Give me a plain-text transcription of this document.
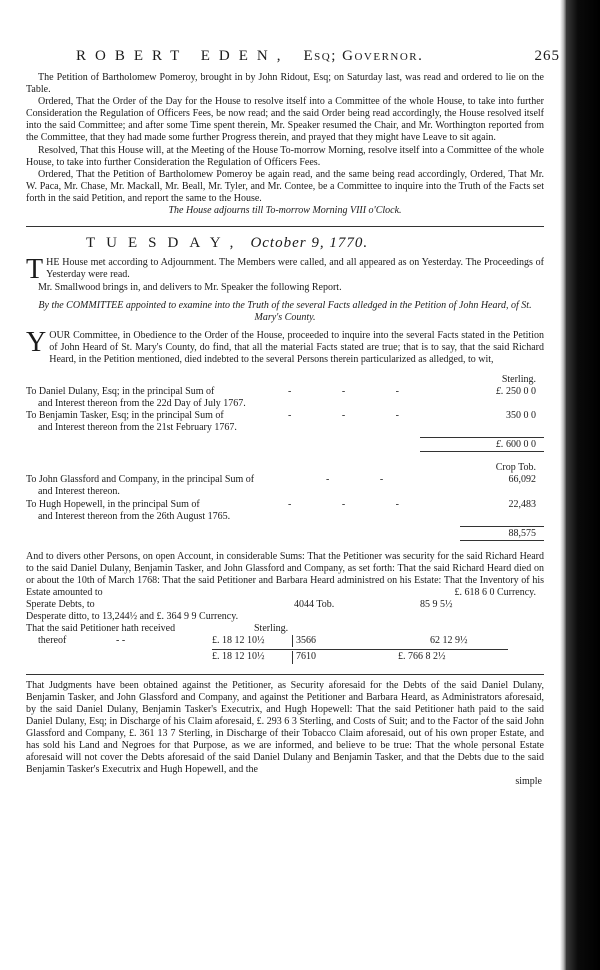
ROBERT EDEN, Esq; Governor.	265

The Petition of Bartholomew Pomeroy, brought in by John Ridout, Esq; on Saturday last, was read and ordered to lie on the Table.

Ordered, That the Order of the Day for the House to resolve itself into a Committee of the whole House, to take into further Consideration the Regulation of Officers Fees, be now read; and the said Order being read accordingly, the House resolved itself into the said Committee; and after some Time spent therein, Mr. Speaker resumed the Chair, and Mr. Worthington reported from the Committee, that they had made some further Progress therein, and prayed that they might have Leave to sit again.

Resolved, That this House will, at the Meeting of the House To-morrow Morning, resolve itself into a Committee of the whole House, to take into further Consideration the Regulation of Officers Fees.

Ordered, That the Petition of Bartholomew Pomeroy be again read, and the same being read accordingly, Ordered, That Mr. W. Paca, Mr. Chase, Mr. Mackall, Mr. Beall, Mr. Tyler, and Mr. Contee, be a Committee to inquire into the Truth of the Facts set forth in the said Petition, and report the same to the House.

The House adjourns till To-morrow Morning VIII o'Clock.

TUESDAY, October 9, 1770.

THE House met according to Adjournment. The Members were called, and all appeared as on Yesterday. The Proceedings of Yesterday were read.

Mr. Smallwood brings in, and delivers to Mr. Speaker the following Report.

By the COMMITTEE appointed to examine into the Truth of the several Facts alledged in the Petition of John Heard, of St. Mary's County.

YOUR Committee, in Obedience to the Order of the House, proceeded to inquire into the several Facts stated in the Petition of John Heard of St. Mary's County, do find, that all the material Facts stated are true; that is to say, that the said Richard Heard, in the Petition mentioned, died indebted to the several Persons therein particularized as alledged, to wit,

Sterling.
To Daniel Dulany, Esq; in the principal Sum of	- - -	£. 250 0 0
and Interest thereon from the 22d Day of July 1767.
To Benjamin Tasker, Esq; in the principal Sum of	- - -	350 0 0
and Interest thereon from the 21st February 1767.
£. 600 0 0
Crop Tob.
To John Glassford and Company, in the principal Sum of	- -	66,092
and Interest thereon.
To Hugh Hopewell, in the principal Sum of	- - -	22,483
and Interest thereon from the 26th August 1765.
88,575

And to divers other Persons, on open Account, in considerable Sums: That the Petitioner was security for the said Richard Heard to the said Daniel Dulany, Benjamin Tasker, and John Glassford and Company, as set forth: That the said Richard Heard died on or about the 10th of March 1768: That the said Petitioner and Barbara Heard administred on his Estate: That the Inventory of his Estate amounted to	£. 618 6 0 Currency.

Sperate Debts, to	4044 Tob.	85 9 5½
Desperate ditto, to 13,244½ and £. 364 9 9 Currency.
That the said Petitioner hath received	Sterling.
thereof	- -	£. 18 12 10½	3566	62 12 9½
£. 18 12 10½	7610	£. 766 8 2½

That Judgments have been obtained against the Petitioner, as Security aforesaid for the Debts of the said Daniel Dulany, Benjamin Tasker, and John Glassford and Company, and against the Petitioner and Barbara Heard, as Administrators aforesaid, by the said Daniel Dulany, Benjamin Tasker's Executrix, and Hugh Hopewell: That the said Petitioner hath paid to the said Daniel Dulany, Esq; in Discharge of his Claim aforesaid, £. 293 6 3 Sterling, and Costs of Suit; and to the Factor of the said John Glassford and Company, £. 361 13 7 Sterling, in Discharge of their Tobacco Claim aforesaid, out of his own proper Estate, and has sold his Land and Negroes for that Purpose, as we are informed, and believe to be true: That the whole personal Estate aforesaid will not cover the Debts aforesaid of the said Daniel Dulany and Benjamin Tasker, and that the Debts due to the said Benjamin Tasker's Executrix and Hugh Hopewell, and the

simple
